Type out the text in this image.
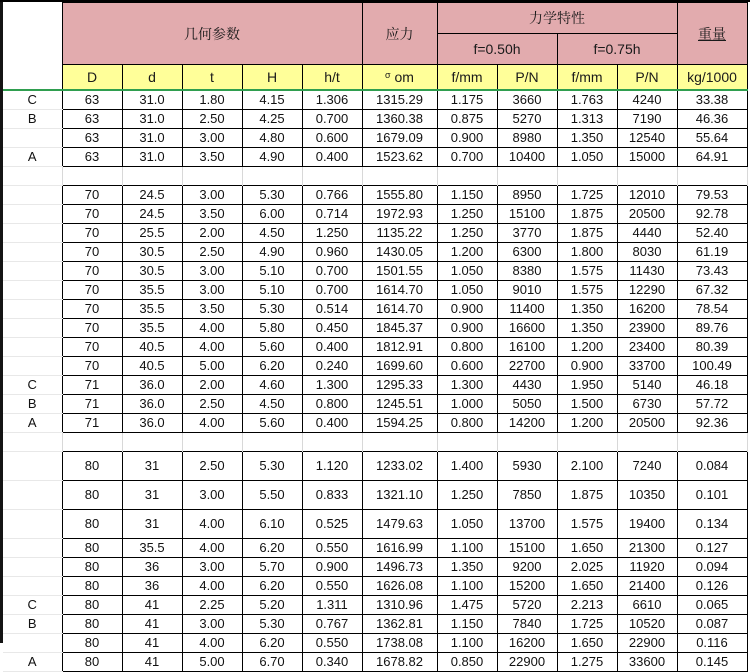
	几何参数					应力	力学特性				重量
							f=0.50h		f=0.75h		
	D	d	t	H	h/t	$^\sigma$ om	f/mm	P/N	f/mm	P/N	kg/1000
C	63	31.0	1.80	4.15	1.306	1315.29	1.175	3660	1.763	4240	33.38
B	63	31.0	2.50	4.25	0.700	1360.38	0.875	5270	1.313	7190	46.36
	63	31.0	3.00	4.80	0.600	1679.09	0.900	8980	1.350	12540	55.64
A	63	31.0	3.50	4.90	0.400	1523.62	0.700	10400	1.050	15000	64.91

	70	24.5	3.00	5.30	0.766	1555.80	1.150	8950	1.725	12010	79.53
	70	24.5	3.50	6.00	0.714	1972.93	1.250	15100	1.875	20500	92.78
	70	25.5	2.00	4.50	1.250	1135.22	1.250	3770	1.875	4440	52.40
	70	30.5	2.50	4.90	0.960	1430.05	1.200	6300	1.800	8030	61.19
	70	30.5	3.00	5.10	0.700	1501.55	1.050	8380	1.575	11430	73.43
	70	35.5	3.00	5.10	0.700	1614.70	1.050	9010	1.575	12290	67.32
	70	35.5	3.50	5.30	0.514	1614.70	0.900	11400	1.350	16200	78.54
	70	35.5	4.00	5.80	0.450	1845.37	0.900	16600	1.350	23900	89.76
	70	40.5	4.00	5.60	0.400	1812.91	0.800	16100	1.200	23400	80.39
	70	40.5	5.00	6.20	0.240	1699.60	0.600	22700	0.900	33700	100.49
C	71	36.0	2.00	4.60	1.300	1295.33	1.300	4430	1.950	5140	46.18
B	71	36.0	2.50	4.50	0.800	1245.51	1.000	5050	1.500	6730	57.72
A	71	36.0	4.00	5.60	0.400	1594.25	0.800	14200	1.200	20500	92.36

	80	31	2.50	5.30	1.120	1233.02	1.400	5930	2.100	7240	0.084
	80	31	3.00	5.50	0.833	1321.10	1.250	7850	1.875	10350	0.101
	80	31	4.00	6.10	0.525	1479.63	1.050	13700	1.575	19400	0.134
	80	35.5	4.00	6.20	0.550	1616.99	1.100	15100	1.650	21300	0.127
	80	36	3.00	5.70	0.900	1496.73	1.350	9200	2.025	11920	0.094
	80	36	4.00	6.20	0.550	1626.08	1.100	15200	1.650	21400	0.126
C	80	41	2.25	5.20	1.311	1310.96	1.475	5720	2.213	6610	0.065
B	80	41	3.00	5.30	0.767	1362.81	1.150	7840	1.725	10520	0.087
	80	41	4.00	6.20	0.550	1738.08	1.100	16200	1.650	22900	0.116
A	80	41	5.00	6.70	0.340	1678.82	0.850	22900	1.275	33600	0.145
